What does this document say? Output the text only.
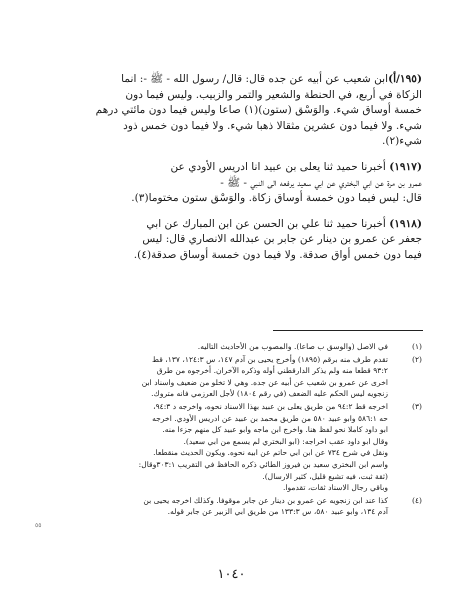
(١٩٥/أ)ابن شعيب عن أبيه عن جده قال: قال/ رسول الله - ﷺ -: انما

الزكاة في أربع، في الحنطة والشعير والتمر والزبيب. وليس فيما دون

خمسة أوساق شيء. والوَسْق (ستون)(١) صاعا وليس فيما دون مائتي درهم

شيء. ولا فيما دون عشرين مثقالا ذهبا شيء. ولا فيما دون خمس ذود

شيء(٢).

(١٩١٧) أخبرنا حميد ثنا يعلى بن عبيد انا ادريس الأودي عن

عمرو بن مرة عن ابي البختري عن ابي سعيد يرفعه الى النبي - ﷺ -

قال: ليس فيما دون خمسة أوساق زكاة. والوَسْق ستون مختوما(٣).

(١٩١٨) أخبرنا حميد ثنا علي بن الحسن عن ابن المبارك عن ابي

جعفر عن عمرو بن دينار عن جابر بن عبدالله الانصاري قال: ليس

فيما دون خمس أواق صدقة. ولا فيما دون خمسة أوساق صدقة(٤).

(١)

في الاصل (والوسق ب صاعا). والمصوب من الأحاديث التاليه.

(٢)

تقدم طرف منه برقم (١٨٩٥) وأخرج يحيى بن آدم ١٤٧، س ١٢٤:٣، ١٣٧، قط

٩٣:٢ قطعا منه ولم يذكر الدارقطني أوله وذكره الآخران. أخرجوه من طرق

اخرى عن عمرو بن شعيب عن أبيه عن جده. وهي لا تخلو من ضعيف واسناد ابن

زنجويه ليس الحكم عليه الضعف (في رقم ١٨٠٤) لأجل العرزمي فانه متروك.

(٣)

اخرجه قط ٩٤:٢ من طريق يعلى بن عبيد بهذا الاسناد نحوه، واخرجه د ٩٤:٣،

حه ٥٨٦:١ وابو عبيد ٥٨٠ من طريق محمد بن عبيد عن ادريس الأودي. اخرجه

ابو داود كاملا نحو لفظ هنا. واخرج ابن ماجه وابو عبيد كل منهم جزءا منه.

وقال ابو داود عقب اخراجه: (ابو البختري لم يسمع من ابي سعيد).

ونقل في شرح ٧٣٤ عن ابن ابي حاتم عن ابيه نحوه. ويكون الحديث منقطعا.

واسم ابن البختري سعيد بن فيروز الطائي ذكره الحافظ في التقريب ٣٠٣:١وقال:

(ثقة ثبت، فيه تشيع قليل، كثير الارسال).

وباقي رجال الاسناد ثقات، تقدموا.

(٤)

كذا عند ابن زنجويه عن عمرو بن دينار عن جابر موقوفا. وكذلك اخرجه يحيى بن

آدم ١٣٤، وابو عبيد ٥٨٠، س ١٣٣:٣ من طريق ابي الزبير عن جابر قوله.

٥٥
١٠٤٠
